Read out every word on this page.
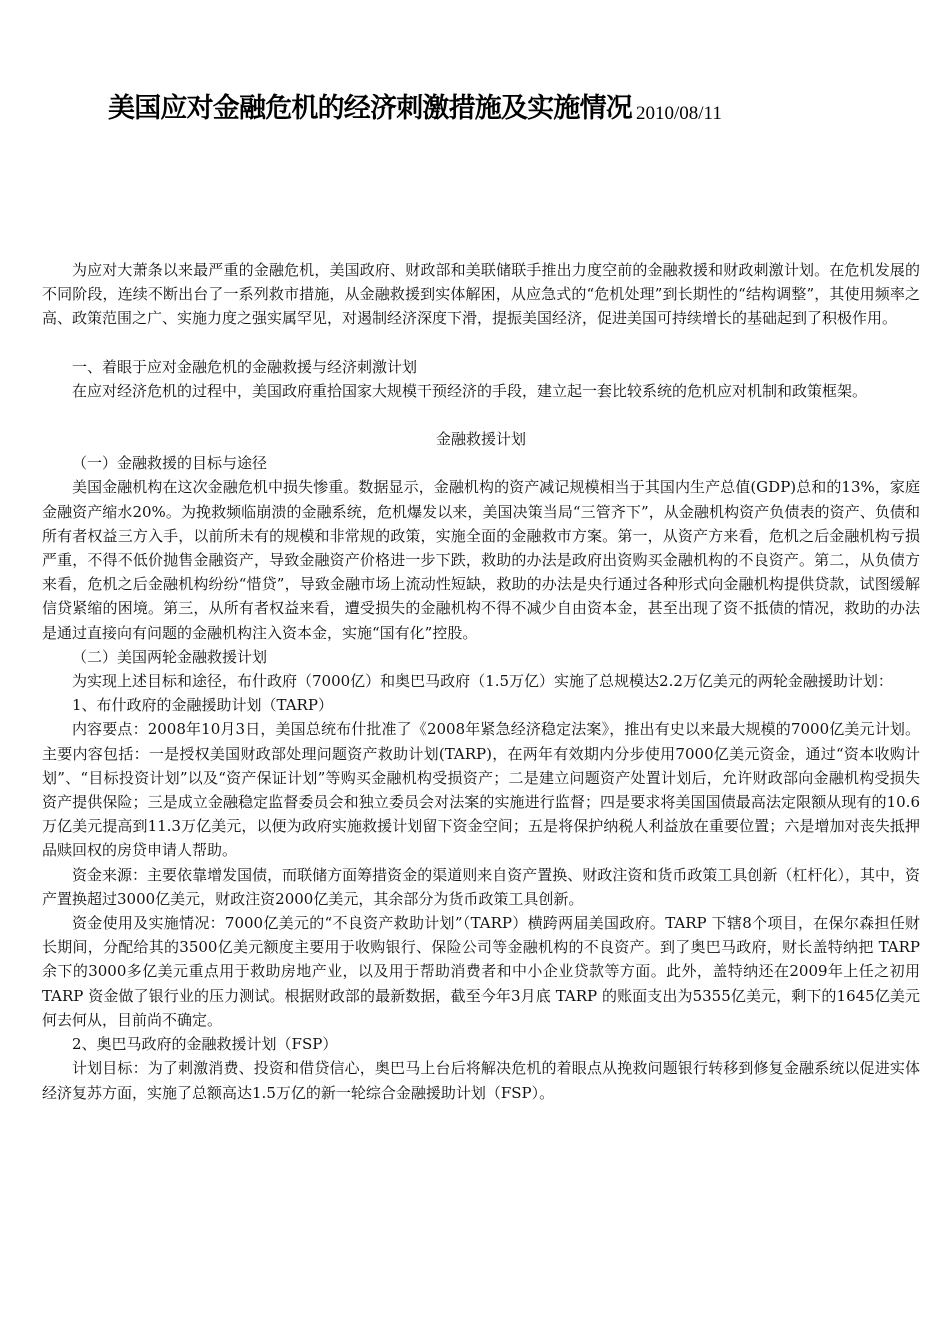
美国应对金融危机的经济刺激措施及实施情况 2010/08/11

为应对大萧条以来最严重的金融危机，美国政府、财政部和美联储联手推出力度空前的金融救援和财政刺激计划。在危机发展的不同阶段，连续不断出台了一系列救市措施，从金融救援到实体解困，从应急式的“危机处理”到长期性的“结构调整”，其使用频率之高、政策范围之广、实施力度之强实属罕见，对遏制经济深度下滑，提振美国经济，促进美国可持续增长的基础起到了积极作用。

一、着眼于应对金融危机的金融救援与经济刺激计划

在应对经济危机的过程中，美国政府重拾国家大规模干预经济的手段，建立起一套比较系统的危机应对机制和政策框架。

金融救援计划

（一）金融救援的目标与途径

美国金融机构在这次金融危机中损失惨重。数据显示，金融机构的资产减记规模相当于其国内生产总值(GDP)总和的13%，家庭金融资产缩水20%。为挽救频临崩溃的金融系统，危机爆发以来，美国决策当局“三管齐下”，从金融机构资产负债表的资产、负债和所有者权益三方入手，以前所未有的规模和非常规的政策，实施全面的金融救市方案。第一，从资产方来看，危机之后金融机构亏损严重，不得不低价抛售金融资产，导致金融资产价格进一步下跌，救助的办法是政府出资购买金融机构的不良资产。第二，从负债方来看，危机之后金融机构纷纷“惜贷”，导致金融市场上流动性短缺，救助的办法是央行通过各种形式向金融机构提供贷款，试图缓解信贷紧缩的困境。第三，从所有者权益来看，遭受损失的金融机构不得不减少自由资本金，甚至出现了资不抵债的情况，救助的办法是通过直接向有问题的金融机构注入资本金，实施“国有化”控股。

（二）美国两轮金融救援计划

为实现上述目标和途径，布什政府（7000亿）和奥巴马政府（1.5万亿）实施了总规模达2.2万亿美元的两轮金融援助计划：

1、布什政府的金融援助计划（TARP）

内容要点：2008年10月3日，美国总统布什批准了《2008年紧急经济稳定法案》，推出有史以来最大规模的7000亿美元计划。主要内容包括：一是授权美国财政部处理问题资产救助计划(TARP)，在两年有效期内分步使用7000亿美元资金，通过“资本收购计划”、“目标投资计划”以及“资产保证计划”等购买金融机构受损资产；二是建立问题资产处置计划后，允许财政部向金融机构受损失资产提供保险；三是成立金融稳定监督委员会和独立委员会对法案的实施进行监督；四是要求将美国国债最高法定限额从现有的10.6万亿美元提高到11.3万亿美元，以便为政府实施救援计划留下资金空间；五是将保护纳税人利益放在重要位置；六是增加对丧失抵押品赎回权的房贷申请人帮助。

资金来源：主要依靠增发国债，而联储方面筹措资金的渠道则来自资产置换、财政注资和货币政策工具创新（杠杆化），其中，资产置换超过3000亿美元，财政注资2000亿美元，其余部分为货币政策工具创新。

资金使用及实施情况：7000亿美元的“不良资产救助计划”（TARP）横跨两届美国政府。TARP 下辖8个项目，在保尔森担任财长期间，分配给其的3500亿美元额度主要用于收购银行、保险公司等金融机构的不良资产。到了奥巴马政府，财长盖特纳把 TARP 余下的3000多亿美元重点用于救助房地产业，以及用于帮助消费者和中小企业贷款等方面。此外，盖特纳还在2009年上任之初用 TARP 资金做了银行业的压力测试。根据财政部的最新数据，截至今年3月底 TARP 的账面支出为5355亿美元，剩下的1645亿美元何去何从，目前尚不确定。

2、奥巴马政府的金融救援计划（FSP）

计划目标：为了刺激消费、投资和借贷信心，奥巴马上台后将解决危机的着眼点从挽救问题银行转移到修复金融系统以促进实体经济复苏方面，实施了总额高达1.5万亿的新一轮综合金融援助计划（FSP）。
